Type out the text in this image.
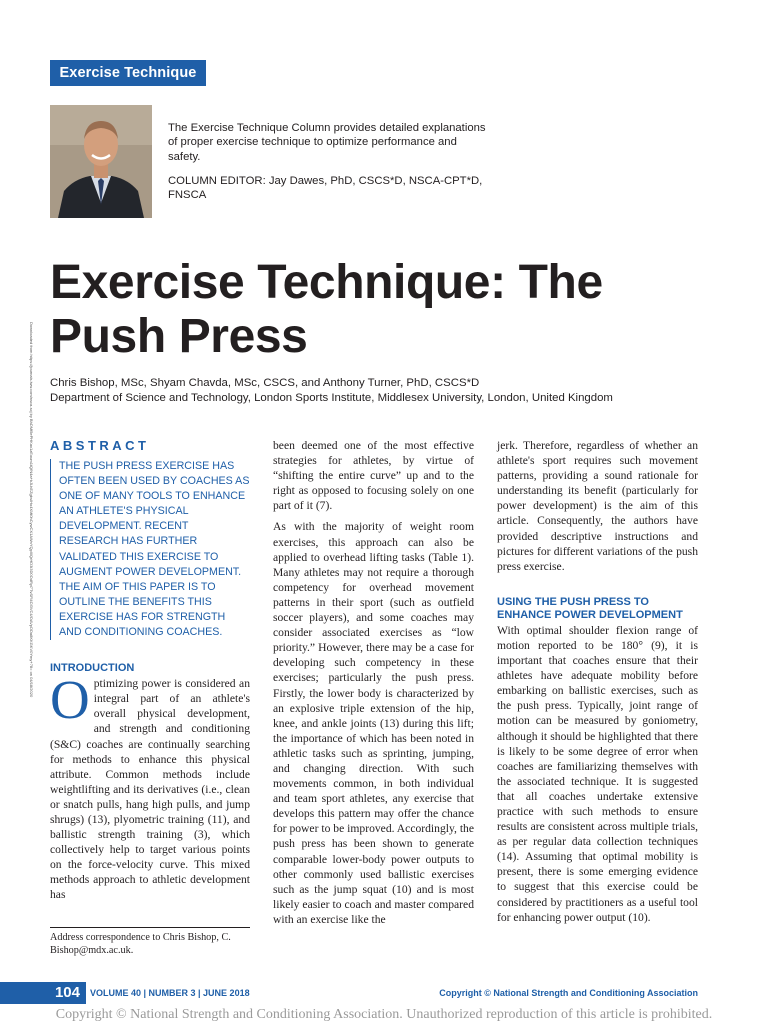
Exercise Technique

The Exercise Technique Column provides detailed explanations of proper exercise technique to optimize performance and safety.

COLUMN EDITOR: Jay Dawes, PhD, CSCS*D, NSCA-CPT*D, FNSCA

Downloaded from https://journals.lww.com/nsca-scj by BhDMf5ePHKav1zEoum1tQfN4a+kJLhEZgbsIHo4XMi0hCywCX1AWnYQp/IlQrHD3i3D0OdRyi7TvSFl4Cf3VC4/OAVpDDa8KKGKV0Ymy+78= on 04/18/2020
Exercise Technique: The Push Press
Chris Bishop, MSc, Shyam Chavda, MSc, CSCS, and Anthony Turner, PhD, CSCS*D
Department of Science and Technology, London Sports Institute, Middlesex University, London, United Kingdom
ABSTRACT
THE PUSH PRESS EXERCISE HAS OFTEN BEEN USED BY COACHES AS ONE OF MANY TOOLS TO ENHANCE AN ATHLETE'S PHYSICAL DEVELOPMENT. RECENT RESEARCH HAS FURTHER VALIDATED THIS EXERCISE TO AUGMENT POWER DEVELOPMENT. THE AIM OF THIS PAPER IS TO OUTLINE THE BENEFITS THIS EXERCISE HAS FOR STRENGTH AND CONDITIONING COACHES.
INTRODUCTION

Optimizing power is considered an integral part of an athlete's overall physical development, and strength and conditioning (S&C) coaches are continually searching for methods to enhance this physical attribute. Common methods include weightlifting and its derivatives (i.e., clean or snatch pulls, hang high pulls, and jump shrugs) (13), plyometric training (11), and ballistic strength training (3), which collectively help to target various points on the force-velocity curve. This mixed methods approach to athletic development has

Address correspondence to Chris Bishop, C. Bishop@mdx.ac.uk.

been deemed one of the most effective strategies for athletes, by virtue of “shifting the entire curve” up and to the right as opposed to focusing solely on one part of it (7).

As with the majority of weight room exercises, this approach can also be applied to overhead lifting tasks (Table 1). Many athletes may not require a thorough competency for overhead movement patterns in their sport (such as outfield soccer players), and some coaches may consider associated exercises as “low priority.” However, there may be a case for developing such competency in these exercises; particularly the push press. Firstly, the lower body is characterized by an explosive triple extension of the hip, knee, and ankle joints (13) during this lift; the importance of which has been noted in athletic tasks such as sprinting, jumping, and changing direction. With such movements common, in both individual and team sport athletes, any exercise that develops this pattern may offer the chance for power to be improved. Accordingly, the push press has been shown to generate comparable lower-body power outputs to other commonly used ballistic exercises such as the jump squat (10) and is most likely easier to coach and master compared with an exercise like the

jerk. Therefore, regardless of whether an athlete's sport requires such movement patterns, providing a sound rationale for understanding its benefit (particularly for power development) is the aim of this article. Consequently, the authors have provided descriptive instructions and pictures for different variations of the push press exercise.

USING THE PUSH PRESS TO ENHANCE POWER DEVELOPMENT

With optimal shoulder flexion range of motion reported to be 180° (9), it is important that coaches ensure that their athletes have adequate mobility before embarking on ballistic exercises, such as the push press. Typically, joint range of motion can be measured by goniometry, although it should be highlighted that there is likely to be some degree of error when coaches are familiarizing themselves with the associated technique. It is suggested that all coaches undertake extensive practice with such methods to ensure results are consistent across multiple trials, as per regular data collection techniques (14). Assuming that optimal mobility is present, there is some emerging evidence to suggest that this exercise could be considered by practitioners as a useful tool for enhancing power output (10).

104	VOLUME 40 | NUMBER 3 | JUNE 2018	Copyright © National Strength and Conditioning Association
Copyright © National Strength and Conditioning Association. Unauthorized reproduction of this article is prohibited.
